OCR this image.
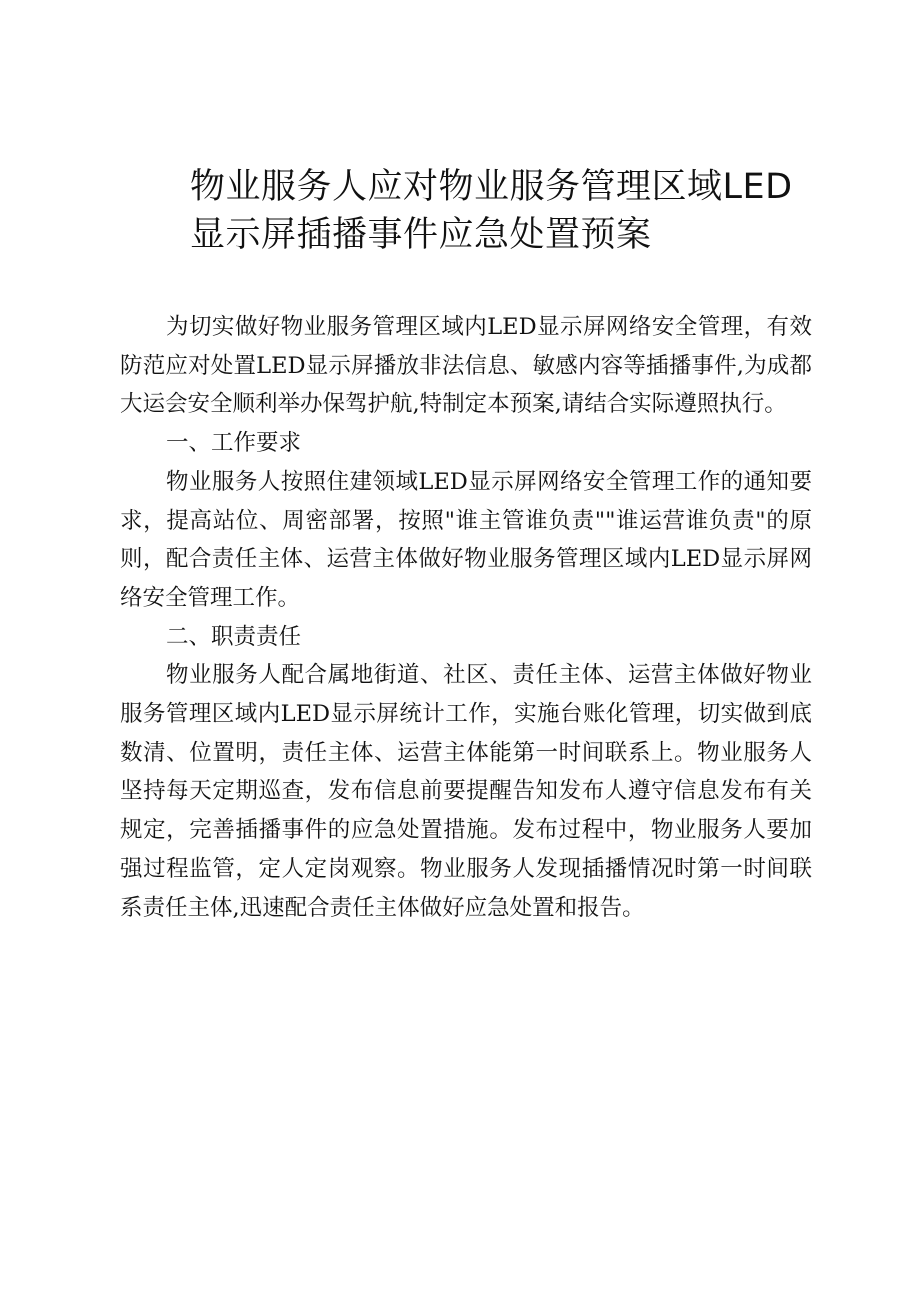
物业服务人应对物业服务管理区域LED显示屏插播事件应急处置预案

为切实做好物业服务管理区域内LED显示屏网络安全管理，有效防范应对处置LED显示屏播放非法信息、敏感内容等插播事件,为成都大运会安全顺利举办保驾护航,特制定本预案,请结合实际遵照执行。

一、工作要求

物业服务人按照住建领域LED显示屏网络安全管理工作的通知要求，提高站位、周密部署，按照"谁主管谁负责""谁运营谁负责"的原则，配合责任主体、运营主体做好物业服务管理区域内LED显示屏网络安全管理工作。

二、职责责任

物业服务人配合属地街道、社区、责任主体、运营主体做好物业服务管理区域内LED显示屏统计工作，实施台账化管理，切实做到底数清、位置明，责任主体、运营主体能第一时间联系上。物业服务人坚持每天定期巡查，发布信息前要提醒告知发布人遵守信息发布有关规定，完善插播事件的应急处置措施。发布过程中，物业服务人要加强过程监管，定人定岗观察。物业服务人发现插播情况时第一时间联系责任主体,迅速配合责任主体做好应急处置和报告。
